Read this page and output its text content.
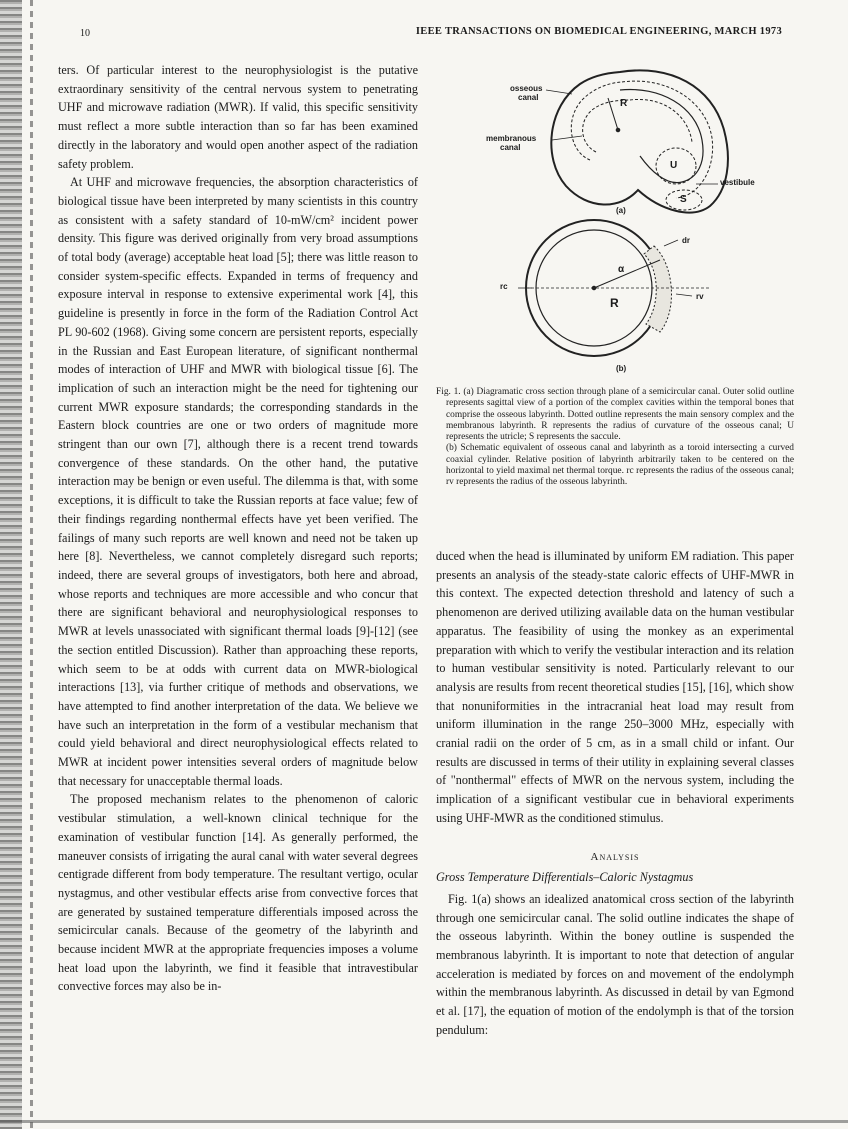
10	IEEE TRANSACTIONS ON BIOMEDICAL ENGINEERING, MARCH 1973

ters. Of particular interest to the neurophysiologist is the putative extraordinary sensitivity of the central nervous system to penetrating UHF and microwave radiation (MWR). If valid, this specific sensitivity must reflect a more subtle interaction than so far has been examined directly in the laboratory and would open another aspect of the radiation safety problem.

At UHF and microwave frequencies, the absorption characteristics of biological tissue have been interpreted by many scientists in this country as consistent with a safety standard of 10-mW/cm² incident power density. This figure was derived originally from very broad assumptions of total body (average) acceptable heat load [5]; there was little reason to consider system-specific effects. Expanded in terms of frequency and exposure interval in response to extensive experimental work [4], this guideline is presently in force in the form of the Radiation Control Act PL 90-602 (1968). Giving some concern are persistent reports, especially in the Russian and East European literature, of significant nonthermal modes of interaction of UHF and MWR with biological tissue [6]. The implication of such an interaction might be the need for tightening our current MWR exposure standards; the corresponding standards in the Eastern block countries are one or two orders of magnitude more stringent than our own [7], although there is a recent trend towards convergence of these standards. On the other hand, the putative interaction may be benign or even useful. The dilemma is that, with some exceptions, it is difficult to take the Russian reports at face value; few of their findings regarding nonthermal effects have yet been verified. The failings of many such reports are well known and need not be taken up here [8]. Nevertheless, we cannot completely disregard such reports; indeed, there are several groups of investigators, both here and abroad, whose reports and techniques are more accessible and who concur that there are significant behavioral and neurophysiological responses to MWR at levels unassociated with significant thermal loads [9]-[12] (see the section entitled Discussion). Rather than approaching these reports, which seem to be at odds with current data on MWR-biological interactions [13], via further critique of methods and observations, we have attempted to find another interpretation of the data. We believe we have such an interpretation in the form of a vestibular mechanism that could yield behavioral and direct neurophysiological effects related to MWR at incident power intensities several orders of magnitude below that necessary for unacceptable thermal loads.

The proposed mechanism relates to the phenomenon of caloric vestibular stimulation, a well-known clinical technique for the examination of vestibular function [14]. As generally performed, the maneuver consists of irrigating the aural canal with water several degrees centigrade different from body temperature. The resultant vertigo, ocular nystagmus, and other vestibular effects arise from convective forces that are generated by sustained temperature differentials imposed across the semicircular canals. Because of the geometry of the labyrinth and because incident MWR at the appropriate frequencies imposes a volume heat load upon the labyrinth, we find it feasible that intravestibular convective forces may also be in-

osseous
canal
membranous
canal
R
U
S
vestibule
(a)
dr
rc
rv
α
R
(b)

Fig. 1. (a) Diagramatic cross section through plane of a semicircular canal. Outer solid outline represents sagittal view of a portion of the complex cavities within the temporal bones that comprise the osseous labyrinth. Dotted outline represents the main sensory complex and the membranous labyrinth. R represents the radius of curvature of the osseous canal; U represents the utricle; S represents the saccule.

(b) Schematic equivalent of osseous canal and labyrinth as a toroid intersecting a curved coaxial cylinder. Relative position of labyrinth arbitrarily taken to be centered on the horizontal to yield maximal net thermal torque. rc represents the radius of the osseous canal; rv represents the radius of the osseous labyrinth.

duced when the head is illuminated by uniform EM radiation. This paper presents an analysis of the steady-state caloric effects of UHF-MWR in this context. The expected detection threshold and latency of such a phenomenon are derived utilizing available data on the human vestibular apparatus. The feasibility of using the monkey as an experimental preparation with which to verify the vestibular interaction and its relation to human vestibular sensitivity is noted. Particularly relevant to our analysis are results from recent theoretical studies [15], [16], which show that nonuniformities in the intracranial heat load may result from uniform illumination in the range 250–3000 MHz, especially with cranial radii on the order of 5 cm, as in a small child or infant. Our results are discussed in terms of their utility in explaining several classes of "nonthermal" effects of MWR on the nervous system, including the implication of a significant vestibular cue in behavioral experiments using UHF-MWR as the conditioned stimulus.

Analysis

Gross Temperature Differentials–Caloric Nystagmus

Fig. 1(a) shows an idealized anatomical cross section of the labyrinth through one semicircular canal. The solid outline indicates the shape of the osseous labyrinth. Within the boney outline is suspended the membranous labyrinth. It is important to note that detection of angular acceleration is mediated by forces on and movement of the endolymph within the membranous labyrinth. As discussed in detail by van Egmond et al. [17], the equation of motion of the endolymph is that of the torsion pendulum:
